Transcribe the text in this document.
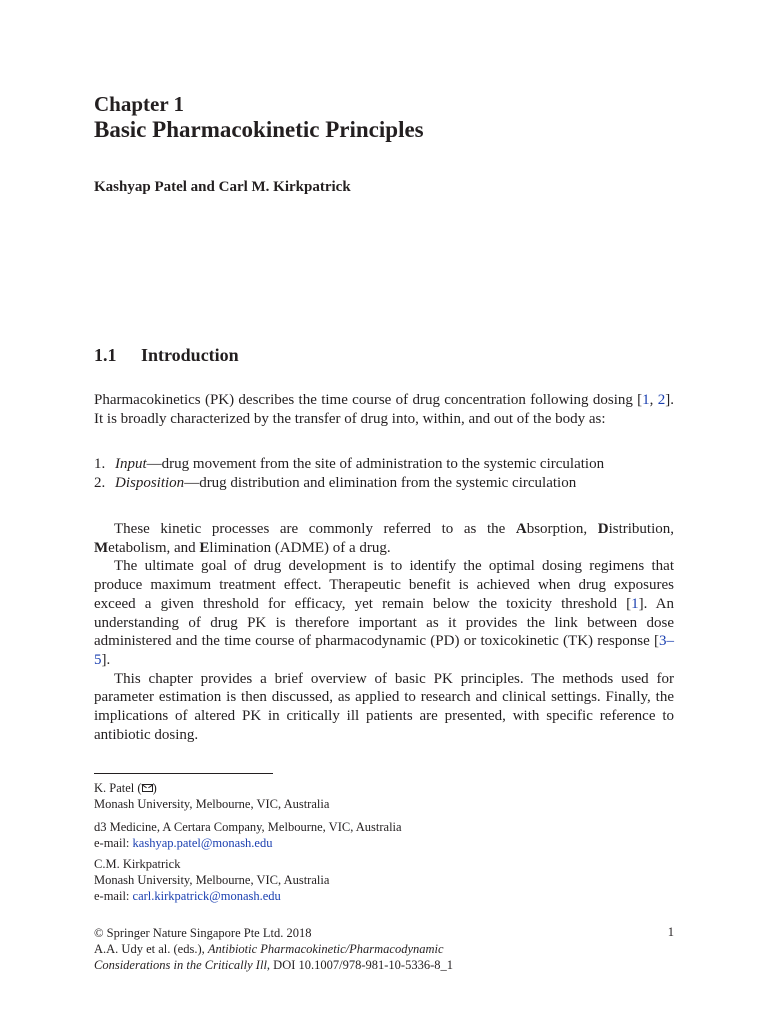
Chapter 1
Basic Pharmacokinetic Principles
Kashyap Patel and Carl M. Kirkpatrick
1.1 Introduction

Pharmacokinetics (PK) describes the time course of drug concentration following dosing [1, 2]. It is broadly characterized by the transfer of drug into, within, and out of the body as:

1. Input—drug movement from the site of administration to the systemic circulation
2. Disposition—drug distribution and elimination from the systemic circulation
These kinetic processes are commonly referred to as the Absorption, Distribution, Metabolism, and Elimination (ADME) of a drug.
The ultimate goal of drug development is to identify the optimal dosing regimens that produce maximum treatment effect. Therapeutic benefit is achieved when drug exposures exceed a given threshold for efficacy, yet remain below the toxicity threshold [1]. An understanding of drug PK is therefore important as it provides the link between dose administered and the time course of pharmacodynamic (PD) or toxicokinetic (TK) response [3–5].
This chapter provides a brief overview of basic PK principles. The methods used for parameter estimation is then discussed, as applied to research and clinical settings. Finally, the implications of altered PK in critically ill patients are presented, with specific reference to antibiotic dosing.
K. Patel ( )
Monash University, Melbourne, VIC, Australia
d3 Medicine, A Certara Company, Melbourne, VIC, Australia
e-mail: kashyap.patel@monash.edu
C.M. Kirkpatrick
Monash University, Melbourne, VIC, Australia
e-mail: carl.kirkpatrick@monash.edu
© Springer Nature Singapore Pte Ltd. 2018
A.A. Udy et al. (eds.), Antibiotic Pharmacokinetic/Pharmacodynamic
Considerations in the Critically Ill, DOI 10.1007/978-981-10-5336-8_1
1
